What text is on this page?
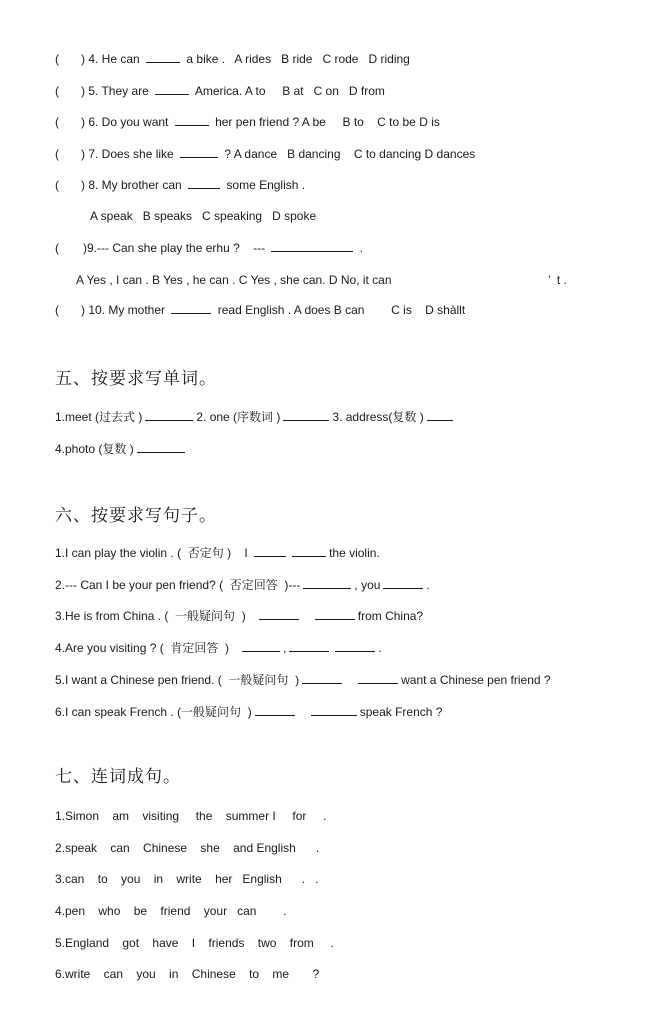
( ) 4. He can	a bike .   A rides   B ride   C rode   D riding
( ) 5. They are	America. A to     B at   C on   D from
( ) 6. Do you want	her pen friend ? A be     B to    C to be D is
( ) 7. Does she like	? A dance   B dancing    C to dancing D dances
( ) 8. My brother can	some English .
A speak   B speaks   C speaking   D spoke
( )9.--- Can she play the erhu ?    ---	.
A Yes , I can . B Yes , he can . C Yes , she can. D No, it can	’  t .
( ) 10. My mother	read English . A does B can        C is    D shàllt
五、按要求写单词。
1.meet (过去式 )	2. one (序数词 )	3. address(复数 )
4.photo (复数 )
六、按要求写句子。
1.I can play the violin . (  否定句 )    I	the violin.
2.--- Can I be your pen friend? (  否定回答  )---	, you	.
3.He is from China . (  一般疑问句  )	from China?
4.Are you visiting ? (  肯定回答  )	,	.
5.I want a Chinese pen friend. (  一般疑问句  )	want a Chinese pen friend ?
6.I can speak French . (一般疑问句  )	speak French ?
七、连词成句。
1.Simon    am    visiting     the    summer I     for     .
2.speak    can    Chinese    she    and English      .
3.can    to    you    in    write    her   English      .   .
4.pen    who    be    friend    your   can        .
5.England    got    have    I    friends    two    from     .
6.write    can    you    in    Chinese    to    me       ?
